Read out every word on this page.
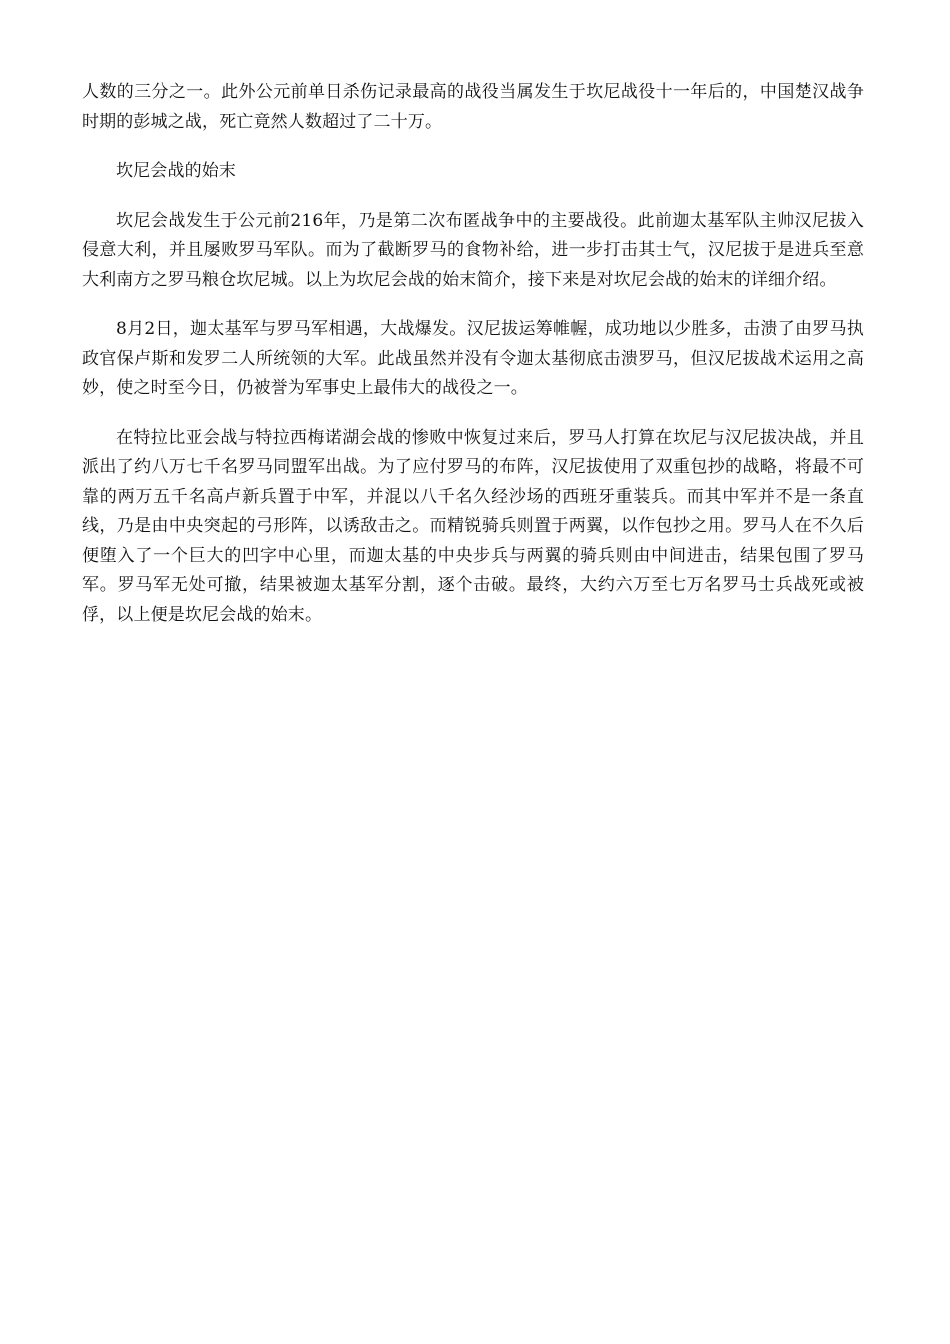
人数的三分之一。此外公元前单日杀伤记录最高的战役当属发生于坎尼战役十一年后的，中国楚汉战争时期的彭城之战，死亡竟然人数超过了二十万。

坎尼会战的始末

坎尼会战发生于公元前216年，乃是第二次布匿战争中的主要战役。此前迦太基军队主帅汉尼拔入侵意大利，并且屡败罗马军队。而为了截断罗马的食物补给，进一步打击其士气，汉尼拔于是进兵至意大利南方之罗马粮仓坎尼城。以上为坎尼会战的始末简介，接下来是对坎尼会战的始末的详细介绍。

8月2日，迦太基军与罗马军相遇，大战爆发。汉尼拔运筹帷幄，成功地以少胜多，击溃了由罗马执政官保卢斯和发罗二人所统领的大军。此战虽然并没有令迦太基彻底击溃罗马，但汉尼拔战术运用之高妙，使之时至今日，仍被誉为军事史上最伟大的战役之一。

在特拉比亚会战与特拉西梅诺湖会战的惨败中恢复过来后，罗马人打算在坎尼与汉尼拔决战，并且派出了约八万七千名罗马同盟军出战。为了应付罗马的布阵，汉尼拔使用了双重包抄的战略，将最不可靠的两万五千名高卢新兵置于中军，并混以八千名久经沙场的西班牙重装兵。而其中军并不是一条直线，乃是由中央突起的弓形阵，以诱敌击之。而精锐骑兵则置于两翼，以作包抄之用。罗马人在不久后便堕入了一个巨大的凹字中心里，而迦太基的中央步兵与两翼的骑兵则由中间进击，结果包围了罗马军。罗马军无处可撤，结果被迦太基军分割，逐个击破。最终，大约六万至七万名罗马士兵战死或被俘，以上便是坎尼会战的始末。
